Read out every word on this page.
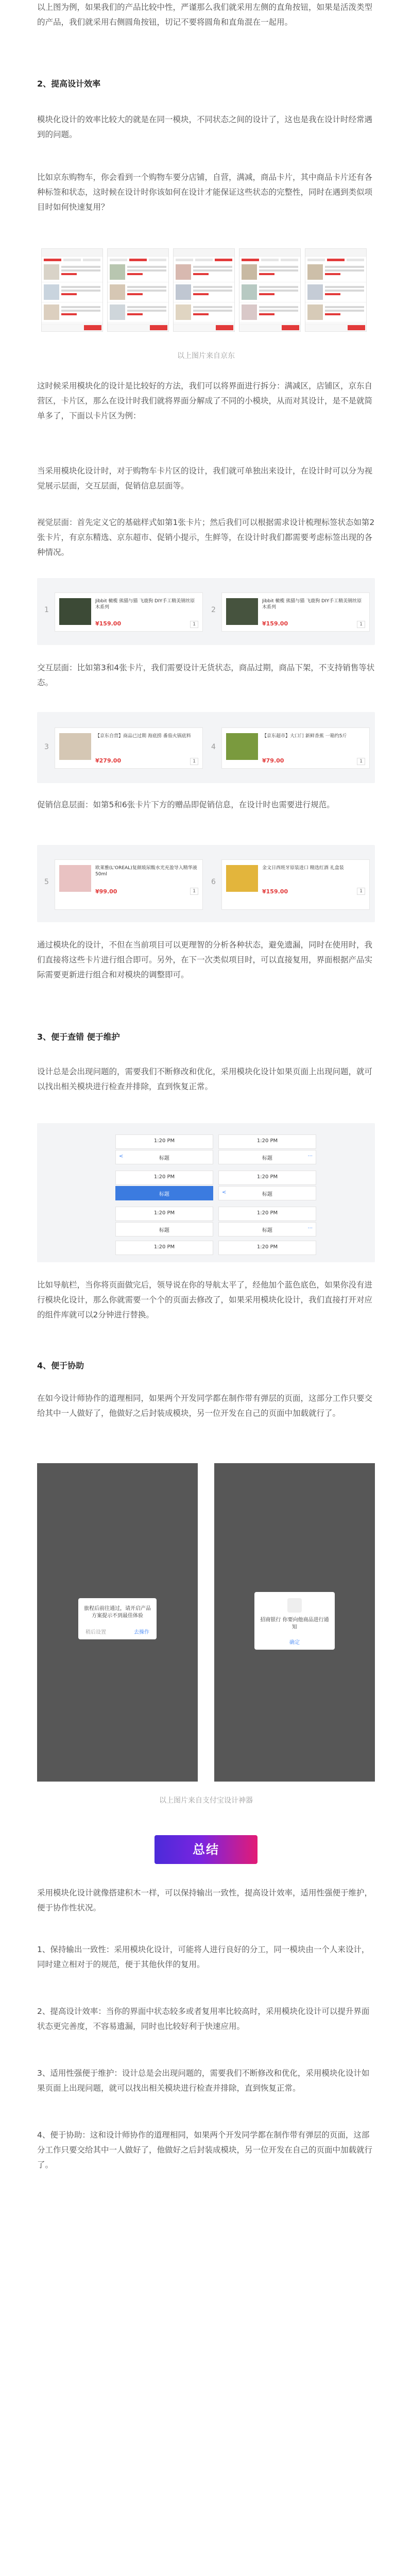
以上图为例，如果我们的产品比较中性，严谨那么我们就采用左侧的直角按钮，如果是活泼类型的产品，我们就采用右侧圆角按钮，切记不要将圆角和直角混在一起用。

2、提高设计效率

模块化设计的效率比较大的就是在同一模块，不同状态之间的设计了，这也是我在设计时经常遇到的问题。

比如京东购物车，你会看到一个购物车要分店铺，自营，满减，商品卡片，其中商品卡片还有各种标签和状态，这时候在设计时你该如何在设计才能保证这些状态的完整性，同时在遇到类似项目时如何快速复用？

以上图片来自京东

这时候采用模块化的设计是比较好的方法，我们可以将界面进行拆分：满减区，店铺区，京东自营区，卡片区，那么在设计时我们就将界面分解成了不同的小模块，从而对其设计，是不是就简单多了，下面以卡片区为例：

当采用模块化设计时，对于购物车卡片区的设计，我们就可单独出来设计，在设计时可以分为视觉展示层面，交互层面，促销信息层面等。

视觉层面：首先定义它的基础样式如第1张卡片；然后我们可以根据需求设计梳理标签状态如第2张卡片，有京东精选、京东超市、促销小提示，生鲜等，在设计时我们都需要考虑标签出现的各种情况。

1
Jibbit 橄榄 熊猫与猫 飞鹿狗 DIY手工精美钢丝原木系列
¥159.00	1
2
Jibbit 橄榄 熊猫与猫 飞鹿狗 DIY手工精美钢丝原木系列
¥159.00	1

交互层面：比如第3和4张卡片，我们需要设计无货状态，商品过期，商品下架，不支持销售等状态。

3
【京东自营】商品已过期 海底捞 番茄火锅底料
¥279.00	1
4
【京东超市】大口门 新鲜香蕉 一箱约5斤
¥79.00	1

促销信息层面：如第5和6张卡片下方的赠品即促销信息，在设计时也需要进行规范。

5
欧莱雅(L'OREAL)复颜玻尿酸水光充盈导入精华液 50ml
¥99.00	1
6
金文日西班牙原装进口 精选红酒 礼盒装
¥159.00	1

通过模块化的设计，不但在当前项目可以更理智的分析各种状态，避免遗漏，同时在使用时，我们直接将这些卡片进行组合即可。另外，在下一次类似项目时，可以直接复用，界面根据产品实际需要更新进行组合和对模块的调整即可。

3、便于查错 便于维护

设计总是会出现问题的，需要我们不断修改和优化，采用模块化设计如果页面上出现问题，就可以找出相关模块进行检查并排除，直到恢复正常。

1:20 PM
<	标题
1:20 PM
标题
1:20 PM
标题
1:20 PM
1:20 PM
标题	···
1:20 PM
<	标题
1:20 PM
标题	···
1:20 PM

比如导航栏，当你将页面做完后，领导说在你的导航太平了，经他加个蓝色底色，如果你没有进行模块化设计，那么你就需要一个个的页面去修改了，如果采用模块化设计，我们直接打开对应的组件库就可以2分钟进行替换。

4、便于协助

在如今设计师协作的道理相同，如果两个开发同学都在制作带有弹层的页面，这部分工作只要交给其中一人做好了，他做好之后封装成模块，另一位开发在自己的页面中加载就行了。

旅程后前往通过，请开启产品方案提示不到最佳体验
稍后设置	去操作
招商银行 你要向他商品进行通知
确定
以上图片来自支付宝设计神器
总结

采用模块化设计就像搭建积木一样，可以保持输出一致性，提高设计效率，适用性强便于维护，便于协作性状况。

1、保持输出一致性：采用模块化设计，可能将人进行良好的分工，同一模块由一个人来设计，同时建立相对于的规范，便于其他伙伴的复用。

2、提高设计效率：当你的界面中状态较多或者复用率比较高时，采用模块化设计可以提升界面状态更完善度，不容易遗漏，同时也比较好利于快速应用。

3、适用性强便于维护：设计总是会出现问题的，需要我们不断修改和优化，采用模块化设计如果页面上出现问题，就可以找出相关模块进行检查并排除，直到恢复正常。

4、便于协助：这和设计师协作的道理相同，如果两个开发同学都在制作带有弹层的页面，这部分工作只要交给其中一人做好了，他做好之后封装成模块，另一位开发在自己的页面中加载就行了。
